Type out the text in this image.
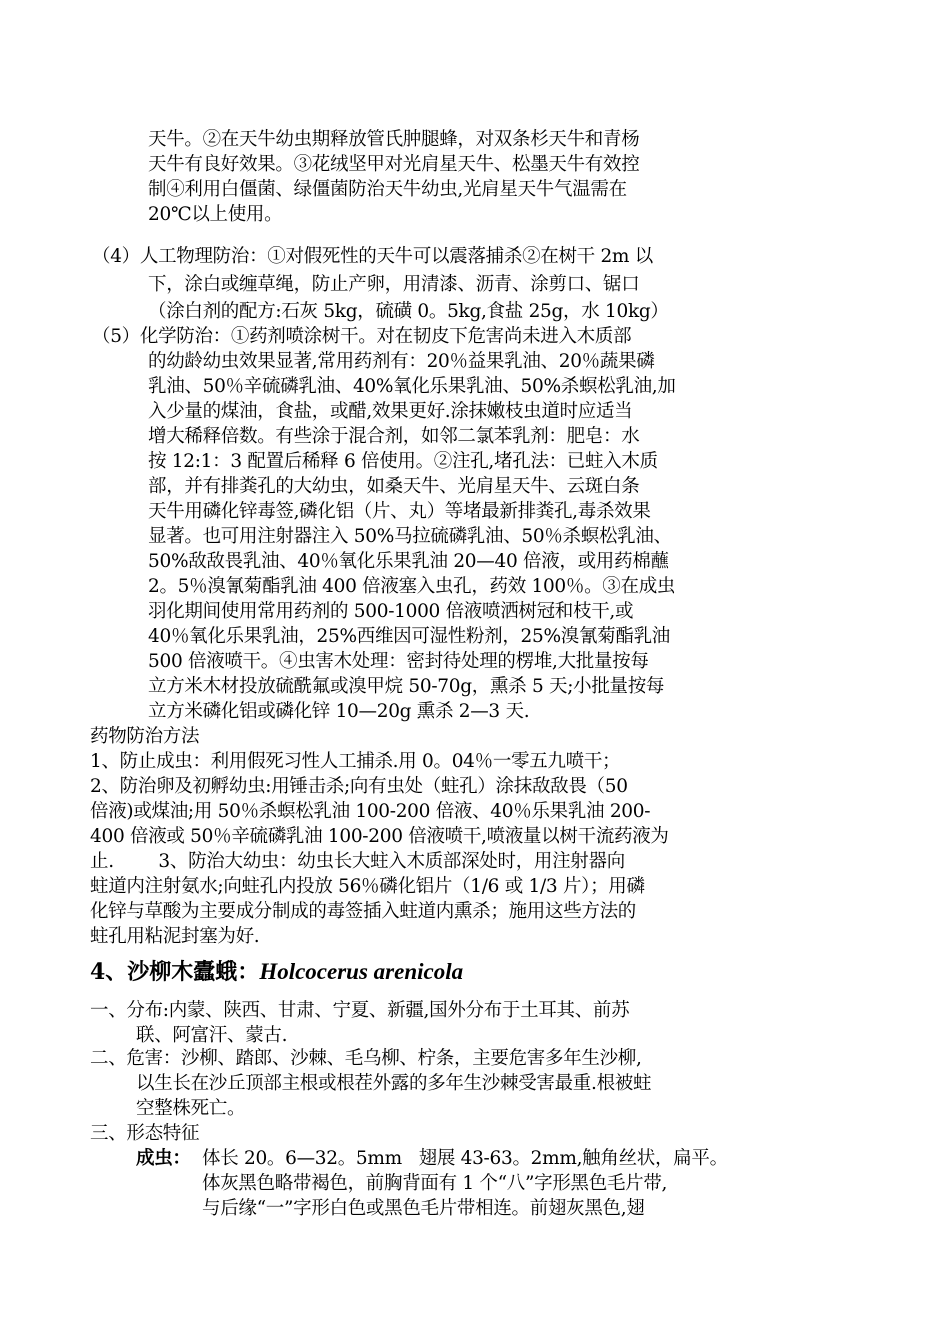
天牛。②在天牛幼虫期释放管氏肿腿蜂，对双条杉天牛和青杨
天牛有良好效果。③花绒坚甲对光肩星天牛、松墨天牛有效控
制④利用白僵菌、绿僵菌防治天牛幼虫,光肩星天牛气温需在
20℃以上使用。
（4）人工物理防治：①对假死性的天牛可以震落捕杀②在树干 2m 以
下，涂白或缠草绳，防止产卵，用清漆、沥青、涂剪口、锯口
（涂白剂的配方:石灰 5kg，硫磺 0。5kg,食盐 25g，水 10kg）
（5）化学防治：①药剂喷涂树干。对在韧皮下危害尚未进入木质部
的幼龄幼虫效果显著,常用药剂有：20％益果乳油、20％蔬果磷
乳油、50％辛硫磷乳油、40%氧化乐果乳油、50%杀螟松乳油,加
入少量的煤油，食盐，或醋,效果更好.涂抹嫩枝虫道时应适当
增大稀释倍数。有些涂于混合剂，如邻二氯苯乳剂：肥皂：水
按 12:1：3 配置后稀释 6 倍使用。②注孔,堵孔法：已蛀入木质
部，并有排粪孔的大幼虫，如桑天牛、光肩星天牛、云斑白条
天牛用磷化锌毒签,磷化铝（片、丸）等堵最新排粪孔,毒杀效果
显著。也可用注射器注入 50%马拉硫磷乳油、50％杀螟松乳油、
50%敌敌畏乳油、40％氧化乐果乳油 20—40 倍液，或用药棉蘸
2。5％溴氰菊酯乳油 400 倍液塞入虫孔，药效 100％。③在成虫
羽化期间使用常用药剂的 500-1000 倍液喷洒树冠和枝干,或
40％氧化乐果乳油，25%西维因可湿性粉剂，25%溴氰菊酯乳油
500 倍液喷干。④虫害木处理：密封待处理的楞堆,大批量按每
立方米木材投放硫酰氟或溴甲烷 50-70g，熏杀 5 天;小批量按每
立方米磷化铝或磷化锌 10—20g 熏杀 2—3 天.
药物防治方法
1、防止成虫：利用假死习性人工捕杀.用 0。04％一零五九喷干；
2、防治卵及初孵幼虫:用锤击杀;向有虫处（蛀孔）涂抹敌敌畏（50
倍液)或煤油;用 50％杀螟松乳油 100-200 倍液、40％乐果乳油 200-
400 倍液或 50％辛硫磷乳油 100-200 倍液喷干,喷液量以树干流药液为
止.        3、防治大幼虫：幼虫长大蛀入木质部深处时，用注射器向
蛀道内注射氨水;向蛀孔内投放 56％磷化铝片（1/6 或 1/3 片）；用磷
化锌与草酸为主要成分制成的毒签插入蛀道内熏杀；施用这些方法的
蛀孔用粘泥封塞为好.
4、沙柳木蠹蛾：Holcocerus arenicola
一、分布:内蒙、陕西、甘肃、宁夏、新疆,国外分布于土耳其、前苏
联、阿富汗、蒙古.
二、危害：沙柳、踏郎、沙棘、毛乌柳、柠条，主要危害多年生沙柳,
以生长在沙丘顶部主根或根茬外露的多年生沙棘受害最重.根被蛀
空整株死亡。
三、形态特征
成虫： 体长 20。6—32。5mm   翅展 43-63。2mm,触角丝状，扁平。
体灰黑色略带褐色，前胸背面有 1 个“八”字形黑色毛片带,
与后缘“一”字形白色或黑色毛片带相连。前翅灰黑色,翅
